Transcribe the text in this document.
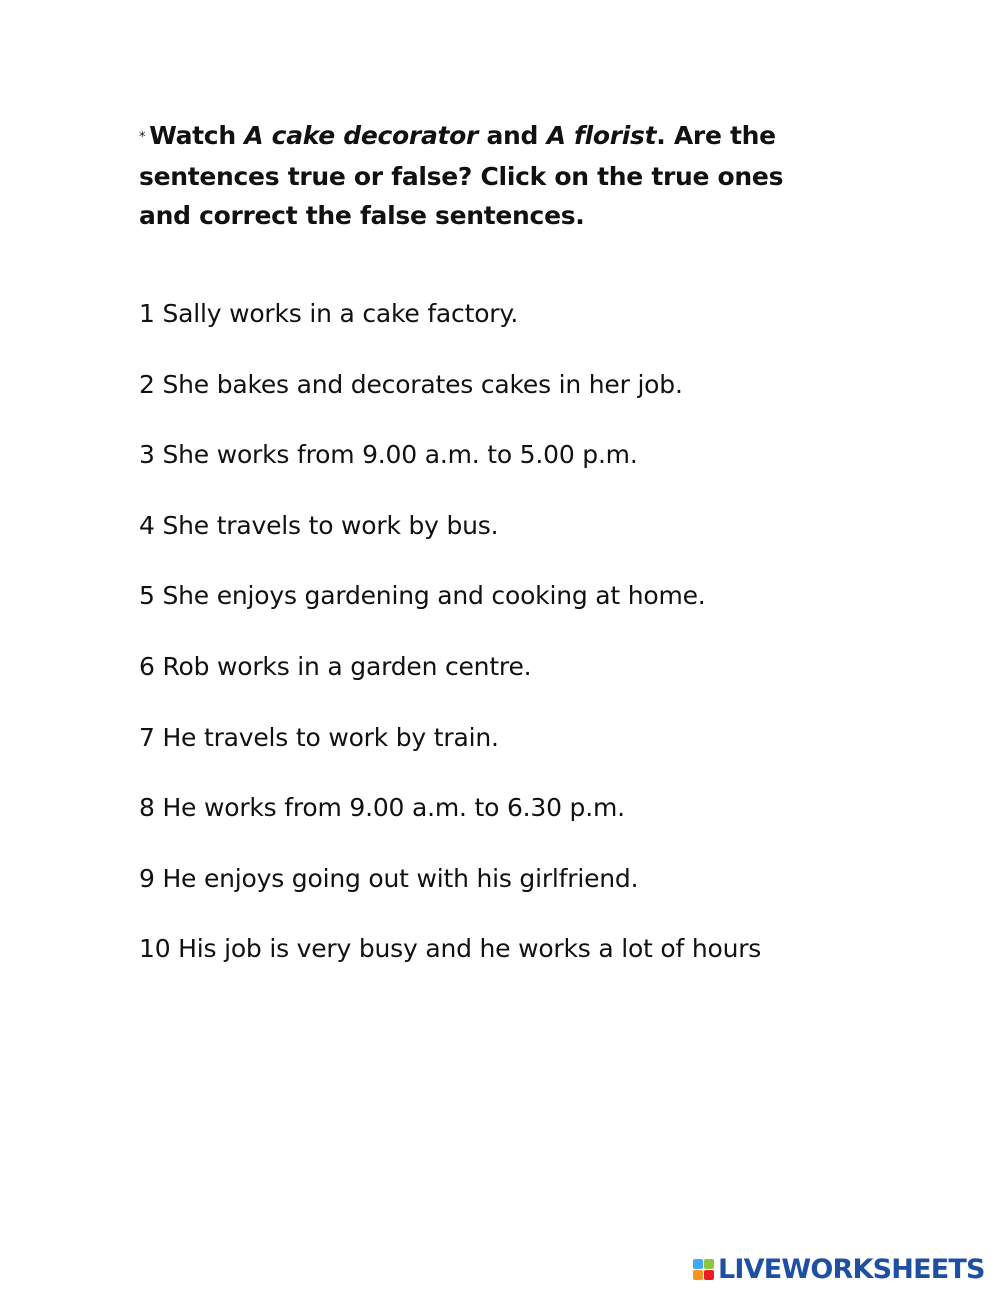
* Watch A cake decorator and A florist. Are the sentences true or false? Click on the true ones and correct the false sentences.
1 Sally works in a cake factory.
2 She bakes and decorates cakes in her job.
3 She works from 9.00 a.m. to 5.00 p.m.
4 She travels to work by bus.
5 She enjoys gardening and cooking at home.
6 Rob works in a garden centre.
7 He travels to work by train.
8 He works from 9.00 a.m. to 6.30 p.m.
9 He enjoys going out with his girlfriend.
10 His job is very busy and he works a lot of hours
LIVEWORKSHEETS
